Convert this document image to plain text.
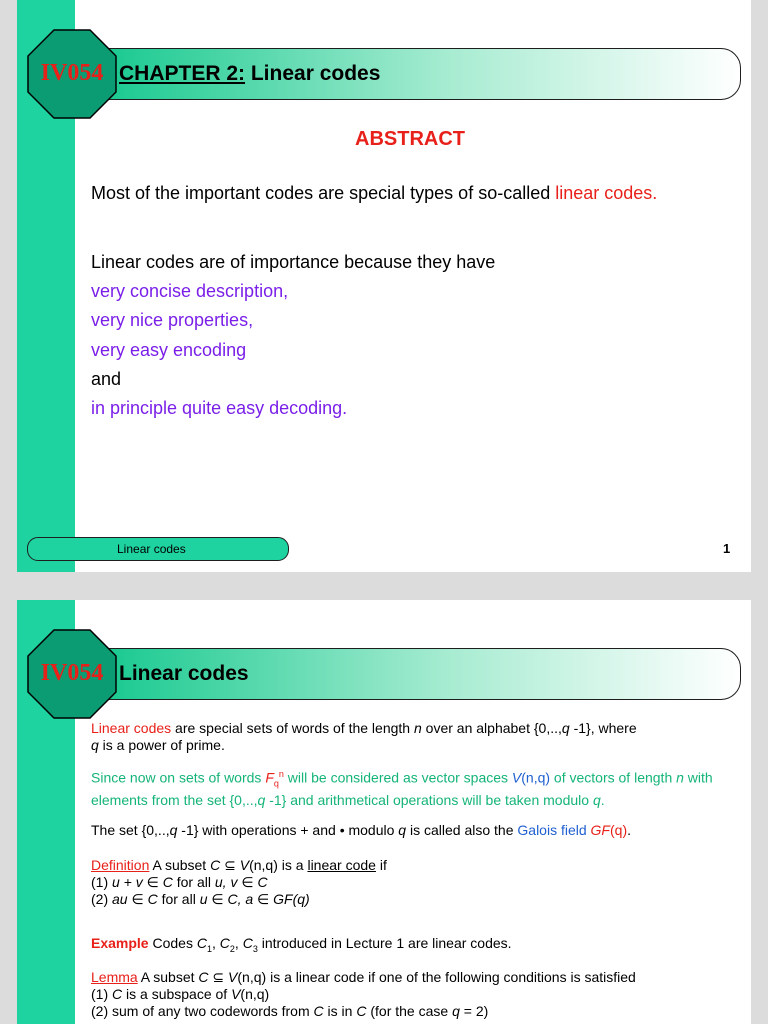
IV054 CHAPTER 2: Linear codes
ABSTRACT
Most of the important codes are special types of so-called linear codes.
Linear codes are of importance because they have
very concise description,
very nice properties,
very easy encoding
and
in principle quite easy decoding.
Linear codes	1
IV054 Linear codes
Linear codes are special sets of words of the length n over an alphabet {0,..,q -1}, where
q is a power of prime.
Since now on sets of words $F_q^n$ will be considered as vector spaces V(n,q) of vectors of length n with elements from the set {0,..,q -1} and arithmetical operations will be taken modulo q.
The set {0,..,q -1} with operations + and • modulo q is called also the Galois field GF(q).
Definition A subset C ⊆ V(n,q) is a linear code if
(1) u + v ∈ C for all u, v ∈ C
(2) au ∈ C for all u ∈ C, a ∈ GF(q)
Example Codes $C_1$, $C_2$, $C_3$ introduced in Lecture 1 are linear codes.
Lemma A subset C ⊆ V(n,q) is a linear code if one of the following conditions is satisfied
(1) C is a subspace of V(n,q)
(2) sum of any two codewords from C is in C (for the case q = 2)
